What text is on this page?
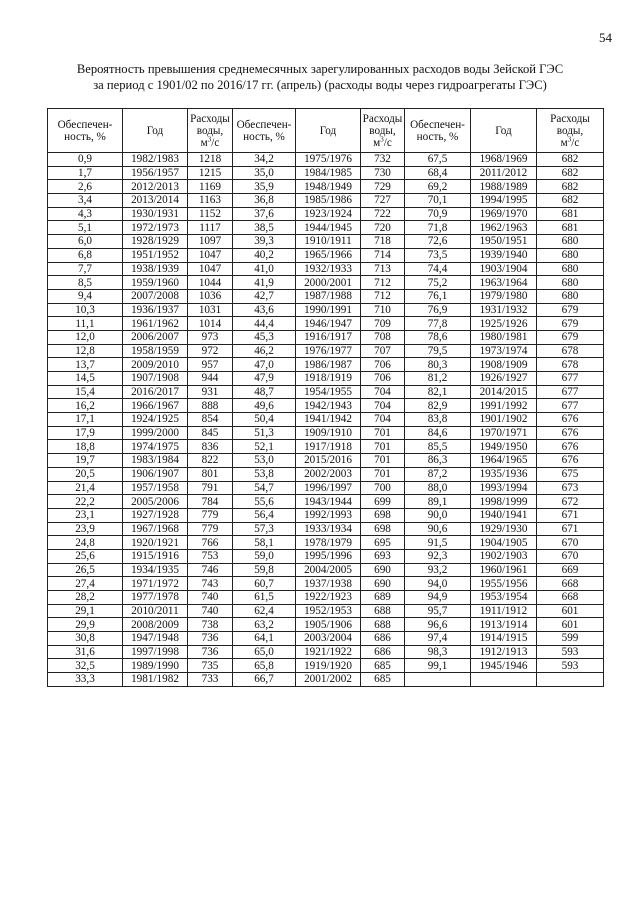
54
Вероятность превышения среднемесячных зарегулированных расходов воды Зейской ГЭС
за период с 1901/02 по 2016/17 гг. (апрель) (расходы воды через гидроагрегаты ГЭС)
Обеспечен-
ность, %	Год	Расходы
воды,
$м^3/с$	Обеспечен-
ность, %	Год	Расходы
воды,
$м^3/с$	Обеспечен-
ность, %	Год	Расходы
воды,
$м^3/с$
0,9	1982/1983	1218	34,2	1975/1976	732	67,5	1968/1969	682
1,7	1956/1957	1215	35,0	1984/1985	730	68,4	2011/2012	682
2,6	2012/2013	1169	35,9	1948/1949	729	69,2	1988/1989	682
3,4	2013/2014	1163	36,8	1985/1986	727	70,1	1994/1995	682
4,3	1930/1931	1152	37,6	1923/1924	722	70,9	1969/1970	681
5,1	1972/1973	1117	38,5	1944/1945	720	71,8	1962/1963	681
6,0	1928/1929	1097	39,3	1910/1911	718	72,6	1950/1951	680
6,8	1951/1952	1047	40,2	1965/1966	714	73,5	1939/1940	680
7,7	1938/1939	1047	41,0	1932/1933	713	74,4	1903/1904	680
8,5	1959/1960	1044	41,9	2000/2001	712	75,2	1963/1964	680
9,4	2007/2008	1036	42,7	1987/1988	712	76,1	1979/1980	680
10,3	1936/1937	1031	43,6	1990/1991	710	76,9	1931/1932	679
11,1	1961/1962	1014	44,4	1946/1947	709	77,8	1925/1926	679
12,0	2006/2007	973	45,3	1916/1917	708	78,6	1980/1981	679
12,8	1958/1959	972	46,2	1976/1977	707	79,5	1973/1974	678
13,7	2009/2010	957	47,0	1986/1987	706	80,3	1908/1909	678
14,5	1907/1908	944	47,9	1918/1919	706	81,2	1926/1927	677
15,4	2016/2017	931	48,7	1954/1955	704	82,1	2014/2015	677
16,2	1966/1967	888	49,6	1942/1943	704	82,9	1991/1992	677
17,1	1924/1925	854	50,4	1941/1942	704	83,8	1901/1902	676
17,9	1999/2000	845	51,3	1909/1910	701	84,6	1970/1971	676
18,8	1974/1975	836	52,1	1917/1918	701	85,5	1949/1950	676
19,7	1983/1984	822	53,0	2015/2016	701	86,3	1964/1965	676
20,5	1906/1907	801	53,8	2002/2003	701	87,2	1935/1936	675
21,4	1957/1958	791	54,7	1996/1997	700	88,0	1993/1994	673
22,2	2005/2006	784	55,6	1943/1944	699	89,1	1998/1999	672
23,1	1927/1928	779	56,4	1992/1993	698	90,0	1940/1941	671
23,9	1967/1968	779	57,3	1933/1934	698	90,6	1929/1930	671
24,8	1920/1921	766	58,1	1978/1979	695	91,5	1904/1905	670
25,6	1915/1916	753	59,0	1995/1996	693	92,3	1902/1903	670
26,5	1934/1935	746	59,8	2004/2005	690	93,2	1960/1961	669
27,4	1971/1972	743	60,7	1937/1938	690	94,0	1955/1956	668
28,2	1977/1978	740	61,5	1922/1923	689	94,9	1953/1954	668
29,1	2010/2011	740	62,4	1952/1953	688	95,7	1911/1912	601
29,9	2008/2009	738	63,2	1905/1906	688	96,6	1913/1914	601
30,8	1947/1948	736	64,1	2003/2004	686	97,4	1914/1915	599
31,6	1997/1998	736	65,0	1921/1922	686	98,3	1912/1913	593
32,5	1989/1990	735	65,8	1919/1920	685	99,1	1945/1946	593
33,3	1981/1982	733	66,7	2001/2002	685			
